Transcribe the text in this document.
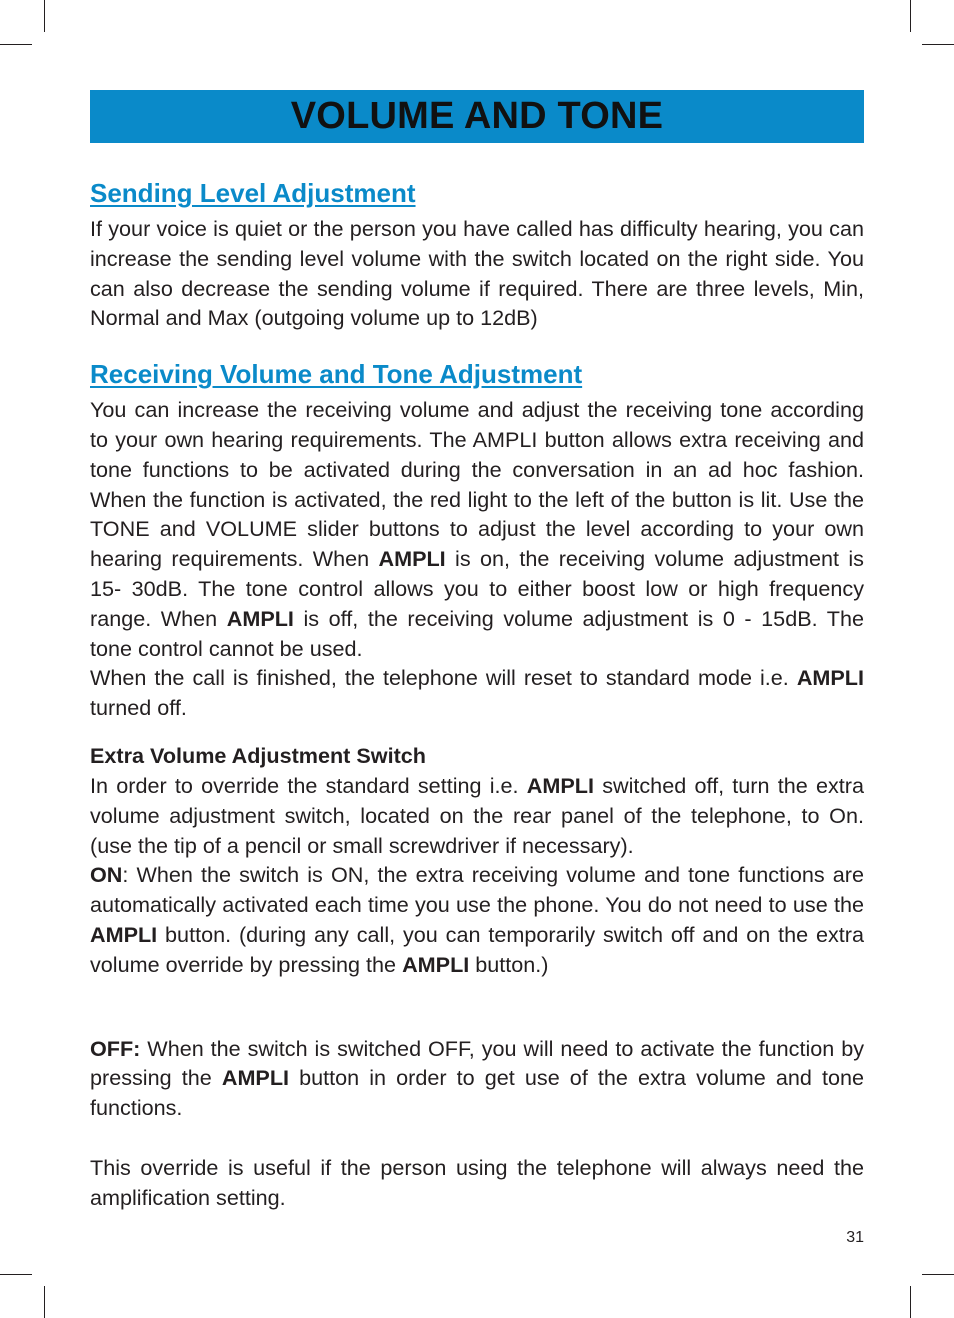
VOLUME AND TONE
Sending Level Adjustment

If your voice is quiet or the person you have called has difficulty hearing, you can increase the sending level volume with the switch located on the right side. You can also decrease the sending volume if required. There are three levels, Min, Normal and Max (outgoing volume up to 12dB)

Receiving Volume and Tone Adjustment

You can increase the receiving volume and adjust the receiving tone according to your own hearing requirements. The AMPLI button allows extra receiving and tone functions to be activated during the conversation in an ad hoc fashion. When the function is activated, the red light to the left of the button is lit. Use the TONE and VOLUME slider buttons to adjust the level according to your own hearing requirements. When AMPLI is on, the receiving volume adjustment is 15- 30dB. The tone control allows you to either boost low or high frequency range. When AMPLI is off, the receiving volume adjustment is 0 - 15dB. The tone control cannot be used.

When the call is finished, the telephone will reset to standard mode i.e. AMPLI turned off.

Extra Volume Adjustment Switch

In order to override the standard setting i.e. AMPLI switched off, turn the extra volume adjustment switch, located on the rear panel of the telephone, to On. (use the tip of a pencil or small screwdriver if necessary).

ON: When the switch is ON, the extra receiving volume and tone functions are automatically activated each time you use the phone. You do not need to use the AMPLI button. (during any call, you can temporarily switch off and on the extra volume override by pressing the AMPLI button.)

OFF: When the switch is switched OFF, you will need to activate the function by pressing the AMPLI button in order to get use of the extra volume and tone functions.

This override is useful if the person using the telephone will always need the amplification setting.

31
